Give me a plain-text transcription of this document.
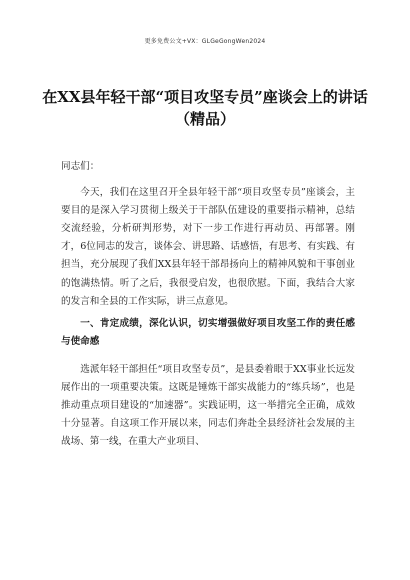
更多免费公文+VX：GLGeGongWen2024
在XX县年轻干部“项目攻坚专员”座谈会上的讲话（精品）

同志们：

今天，我们在这里召开全县年轻干部“项目攻坚专员”座谈会，主要目的是深入学习贯彻上级关于干部队伍建设的重要指示精神，总结交流经验，分析研判形势，对下一步工作进行再动员、再部署。刚才，6位同志的发言，谈体会、讲思路、话感悟，有思考、有实践、有担当，充分展现了我们XX县年轻干部昂扬向上的精神风貌和干事创业的饱满热情。听了之后，我很受启发，也很欣慰。下面，我结合大家的发言和全县的工作实际，讲三点意见。

一、肯定成绩，深化认识，切实增强做好项目攻坚工作的责任感与使命感

选派年轻干部担任“项目攻坚专员”，是县委着眼于XX事业长远发展作出的一项重要决策。这既是锤炼干部实战能力的“练兵场”，也是推动重点项目建设的“加速器”。实践证明，这一举措完全正确，成效十分显著。自这项工作开展以来，同志们奔赴全县经济社会发展的主战场、第一线，在重大产业项目、
